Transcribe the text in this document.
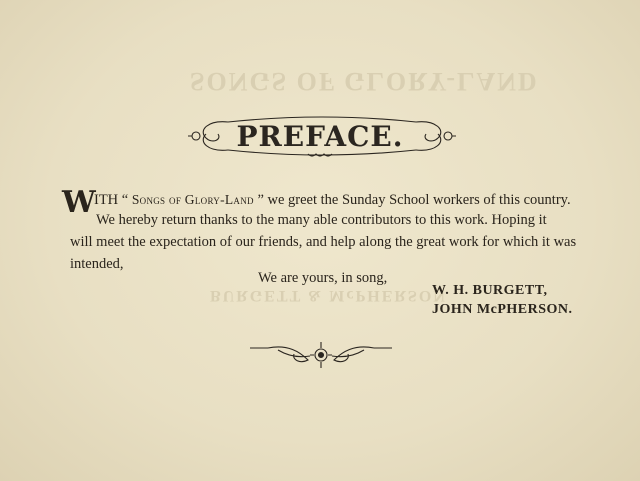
SONGS OF GLORY-LAND
BURGETT & McPHERSON
PREFACE.
W
ITH “ Songs of Glory-Land ” we greet the Sunday School workers of this country.
We hereby return thanks to the many able contributors to this work. Hoping it
will meet the expectation of our friends, and help along the great work for which it was
intended,
We are yours, in song,
W. H. BURGETT,
JOHN McPHERSON.
